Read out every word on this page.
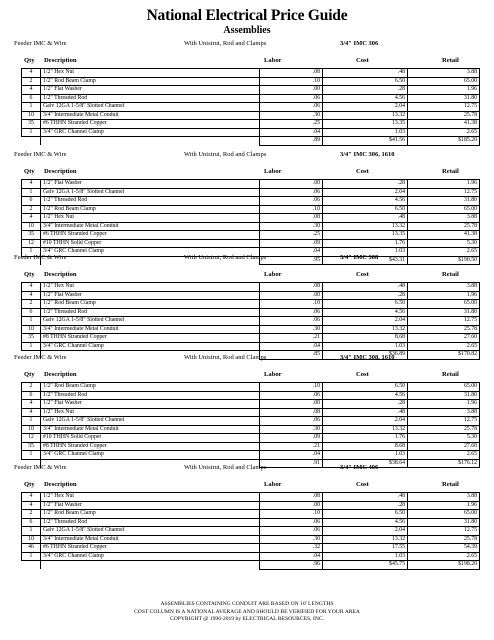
National Electrical Price Guide
Assemblies
Feeder IMC & Wire	With Unistrut, Rod and Clamps	3/4" IMC 306
Qty Description	Labor	Cost	Retail
4	1/2" Hex Nut	.08	.48	3.88
2	1/2" Rod Beam Clamp	.10	6.50	65.00
4	1/2" Flat Washer	.00	.28	1.96
6	1/2" Threaded Rod	.06	4.56	31.80
1	Galv 12GA 1-5/8" Slotted Channel	.06	2.04	12.75
10	3/4" Intermediate Metal Conduit	.30	13.32	25.78
35	#6 THHN Stranded Copper	.25	13.35	41.38
1	3/4" GRC Channel Clamp	.04	1.03	2.65
		.89	$41.56	$185.20
Feeder IMC & Wire	With Unistrut, Rod and Clamps	3/4" IMC 306, 1610
Qty Description	Labor	Cost	Retail
4	1/2" Flat Washer	.00	.28	1.96
1	Galv 12GA 1-5/8" Slotted Channel	.06	2.04	12.75
6	1/2" Threaded Rod	.06	4.56	31.80
2	1/2" Rod Beam Clamp	.10	6.50	65.00
4	1/2" Hex Nut	.08	.48	3.88
10	3/4" Intermediate Metal Conduit	.30	13.32	25.78
35	#6 THHN Stranded Copper	.25	13.35	41.38
12	#10 THHN Solid Copper	.09	1.76	5.30
1	3/4" GRC Channel Clamp	.04	1.03	2.65
		.95	$43.31	$190.50
Feeder IMC & Wire	With Unistrut, Rod and Clamps	3/4" IMC 308
Qty Description	Labor	Cost	Retail
4	1/2" Hex Nut	.08	.48	3.88
4	1/2" Flat Washer	.00	.28	1.96
2	1/2" Rod Beam Clamp	.10	6.50	65.00
6	1/2" Threaded Rod	.06	4.56	31.80
1	Galv 12GA 1-5/8" Slotted Channel	.06	2.04	12.75
10	3/4" Intermediate Metal Conduit	.30	13.32	25.78
35	#8 THHN Stranded Copper	.21	8.68	27.60
1	3/4" GRC Channel Clamp	.04	1.03	2.65
		.85	$36.89	$170.82
Feeder IMC & Wire	With Unistrut, Rod and Clamps	3/4" IMC 308, 1610
Qty Description	Labor	Cost	Retail
2	1/2" Rod Beam Clamp	.10	6.50	65.00
6	1/2" Threaded Rod	.06	4.56	31.80
4	1/2" Flat Washer	.00	.28	1.96
4	1/2" Hex Nut	.08	.48	3.88
1	Galv 12GA 1-5/8" Slotted Channel	.06	2.04	12.75
10	3/4" Intermediate Metal Conduit	.30	13.32	25.78
12	#10 THHN Solid Copper	.09	1.76	5.30
35	#8 THHN Stranded Copper	.21	8.68	27.60
1	3/4" GRC Channel Clamp	.04	1.03	2.65
		.91	$38.64	$176.12
Feeder IMC & Wire	With Unistrut, Rod and Clamps	3/4" IMC 406
Qty Description	Labor	Cost	Retail
4	1/2" Hex Nut	.08	.48	3.88
4	1/2" Flat Washer	.00	.28	1.96
2	1/2" Rod Beam Clamp	.10	6.50	65.00
6	1/2" Threaded Rod	.06	4.56	31.80
1	Galv 12GA 1-5/8" Slotted Channel	.06	2.04	12.75
10	3/4" Intermediate Metal Conduit	.30	13.32	25.78
46	#6 THHN Stranded Copper	.32	17.55	54.39
1	3/4" GRC Channel Clamp	.04	1.03	2.65
		.96	$45.75	$198.20
ASSEMBLIES CONTAINING CONDUIT ARE BASED ON 10' LENGTHS
COST COLUMN IS A NATIONAL AVERAGE AND SHOULD BE VERIFIED FOR YOUR AREA
COPYRIGHT @ 1996-2019 by ELECTRICAL RESOURCES, INC.
